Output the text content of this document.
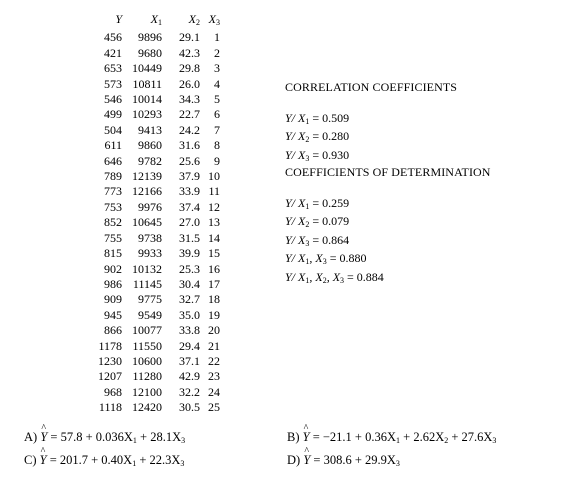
Y	$X_1$	$X_2$ $X_3$
456	9896	29.1	1
421	9680	42.3	2
653 10449	29.8	3
573 10811	26.0	4
546 10014	34.3	5
499 10293	22.7	6
504	9413	24.2	7
611	9860	31.6	8
646	9782	25.6	9
789 12139	37.9 10
773 12166	33.9 11
753	9976	37.4 12
852 10645	27.0 13
755	9738	31.5 14
815	9933	39.9 15
902 10132	25.3 16
986 11145	30.4 17
909	9775	32.7 18
945	9549	35.0 19
866 10077	33.8 20
1178 11550	29.4 21
1230 10600	37.1 22
1207 11280	42.9 23
968 12100	32.2 24
1118 12420	30.5 25
CORRELATION COEFFICIENTS
Y/ $X_1 = 0.509$
Y/ $X_2 = 0.280$
Y/ $X_3 = 0.930$
COEFFICIENTS OF DETERMINATION
Y/ $X_1 = 0.259$
Y/ $X_2 = 0.079$
Y/ $X_3 = 0.864$
Y/ $X_1$, $X_3 = 0.880$
Y/ $X_1$, $X_2$, $X_3 = 0.884$
A) ^ $Y = 57.8 + 0.036X_1 + 28.1X_3$	B) ^ $Y = -21.1 + 0.36X_1 + 2.62X_2 + 27.6X_3$
C) ^ $Y = 201.7 + 0.40X_1 + 22.3X_3$	D) ^ $Y = 308.6 + 29.9X_3$
